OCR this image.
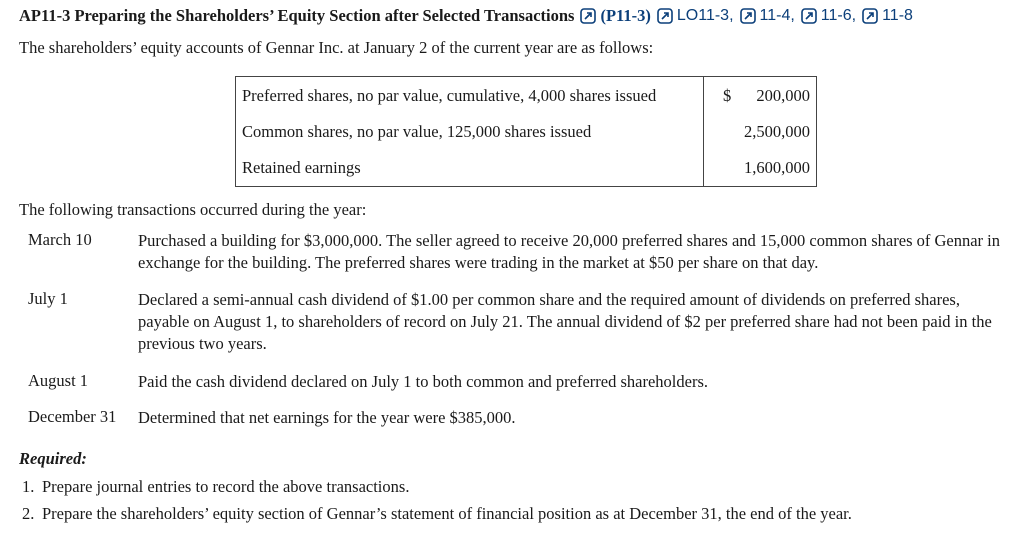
AP11-3 Preparing the Shareholders’ Equity Section after Selected Transactions (P11-3) LO11-3, 11-4, 11-6, 11-8
The shareholders’ equity accounts of Gennar Inc. at January 2 of the current year are as follows:
Preferred shares, no par value, cumulative, 4,000 shares issued	$ 200,000
Common shares, no par value, 125,000 shares issued	2,500,000
Retained earnings	1,600,000
The following transactions occurred during the year:
March 10	Purchased a building for $3,000,000. The seller agreed to receive 20,000 preferred shares and 15,000 common shares of Gennar in exchange for the building. The preferred shares were trading in the market at $50 per share on that day.
July 1	Declared a semi-annual cash dividend of $1.00 per common share and the required amount of dividends on preferred shares, payable on August 1, to shareholders of record on July 21. The annual dividend of $2 per preferred share had not been paid in the previous two years.
August 1	Paid the cash dividend declared on July 1 to both common and preferred shareholders.
December 31 Determined that net earnings for the year were $385,000.
Required:
1. Prepare journal entries to record the above transactions.
2. Prepare the shareholders’ equity section of Gennar’s statement of financial position as at December 31, the end of the year.
